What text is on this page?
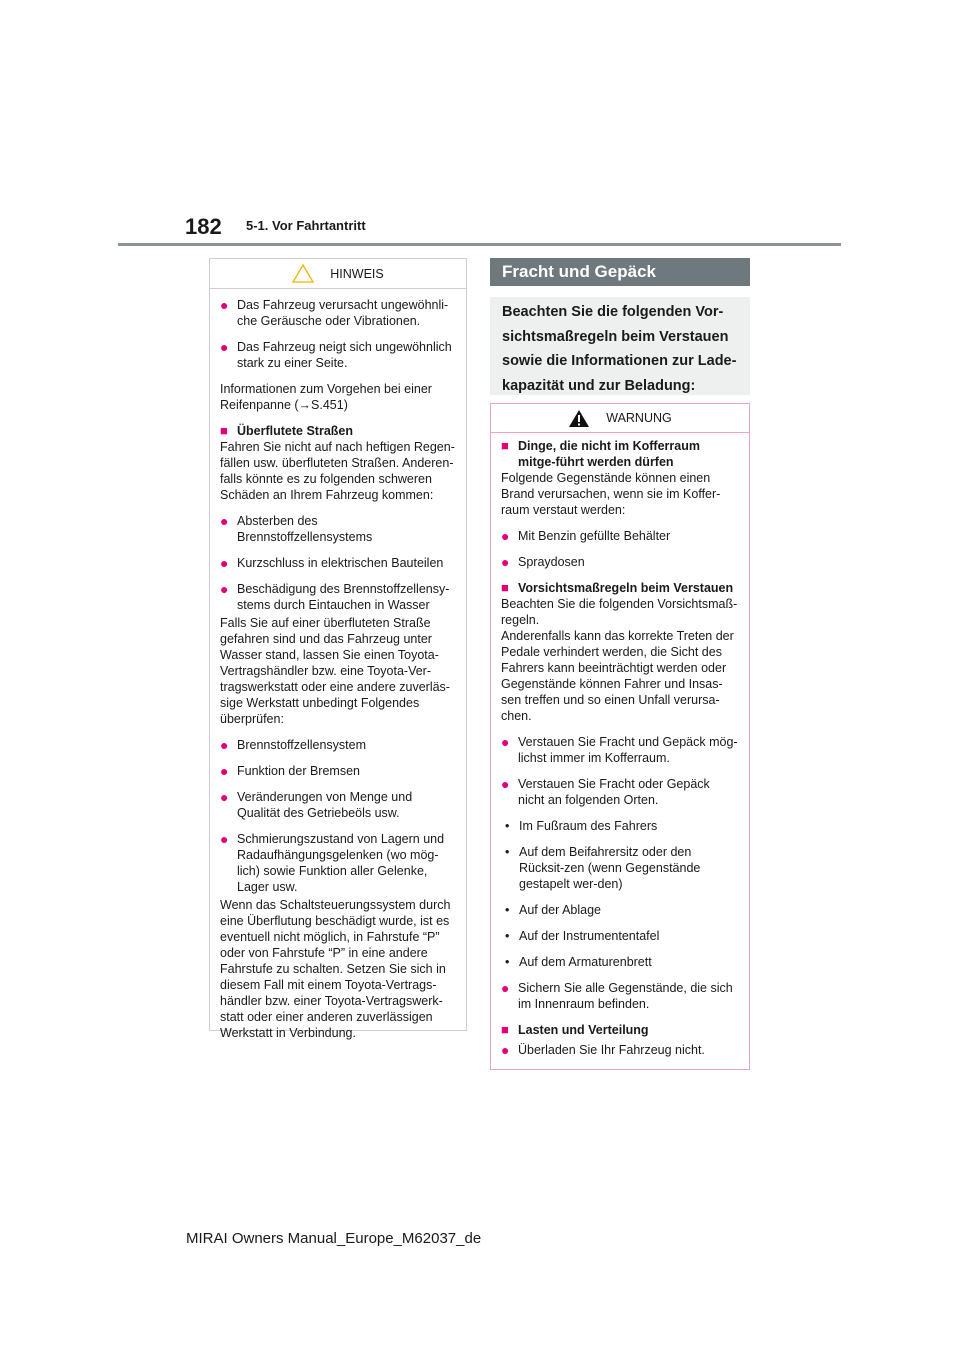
182 5-1. Vor Fahrtantritt
HINWEIS
● Das Fahrzeug verursacht ungewöhnli-che Geräusche oder Vibrationen.
● Das Fahrzeug neigt sich ungewöhnlich stark zu einer Seite.

Informationen zum Vorgehen bei einer Reifenpanne (→S.451)

■ Überflutete Straßen

Fahren Sie nicht auf nach heftigen Regen-fällen usw. überfluteten Straßen. Anderen-falls könnte es zu folgenden schweren Schäden an Ihrem Fahrzeug kommen:

● Absterben des Brennstoffzellensystems
● Kurzschluss in elektrischen Bauteilen
● Beschädigung des Brennstoffzellensy-stems durch Eintauchen in Wasser

Falls Sie auf einer überfluteten Straße gefahren sind und das Fahrzeug unter Wasser stand, lassen Sie einen Toyota-Vertragshändler bzw. eine Toyota-Ver-tragswerkstatt oder eine andere zuverläs-sige Werkstatt unbedingt Folgendes überprüfen:

● Brennstoffzellensystem
● Funktion der Bremsen
● Veränderungen von Menge und Qualität des Getriebeöls usw.
● Schmierungszustand von Lagern und Radaufhängungsgelenken (wo mög-lich) sowie Funktion aller Gelenke, Lager usw.

Wenn das Schaltsteuerungssystem durch eine Überflutung beschädigt wurde, ist es eventuell nicht möglich, in Fahrstufe “P” oder von Fahrstufe “P” in eine andere Fahrstufe zu schalten. Setzen Sie sich in diesem Fall mit einem Toyota-Vertrags-händler bzw. einer Toyota-Vertragswerk-statt oder einer anderen zuverlässigen Werkstatt in Verbindung.

Fracht und Gepäck
Beachten Sie die folgenden Vor-sichtsmaßregeln beim Verstauen sowie die Informationen zur Lade-kapazität und zur Beladung:
WARNUNG
■ Dinge, die nicht im Kofferraum mitge-führt werden dürfen

Folgende Gegenstände können einen Brand verursachen, wenn sie im Koffer-raum verstaut werden:

● Mit Benzin gefüllte Behälter
● Spraydosen
■ Vorsichtsmaßregeln beim Verstauen

Beachten Sie die folgenden Vorsichtsmaß-regeln.

Anderenfalls kann das korrekte Treten der Pedale verhindert werden, die Sicht des Fahrers kann beeinträchtigt werden oder Gegenstände können Fahrer und Insas-sen treffen und so einen Unfall verursa-chen.

● Verstauen Sie Fracht und Gepäck mög-lichst immer im Kofferraum.
● Verstauen Sie Fracht oder Gepäck nicht an folgenden Orten.
• Im Fußraum des Fahrers
• Auf dem Beifahrersitz oder den Rücksit-zen (wenn Gegenstände gestapelt wer-den)
• Auf der Ablage
• Auf der Instrumententafel
• Auf dem Armaturenbrett
● Sichern Sie alle Gegenstände, die sich im Innenraum befinden.
■ Lasten und Verteilung
● Überladen Sie Ihr Fahrzeug nicht.
MIRAI Owners Manual_Europe_M62037_de
